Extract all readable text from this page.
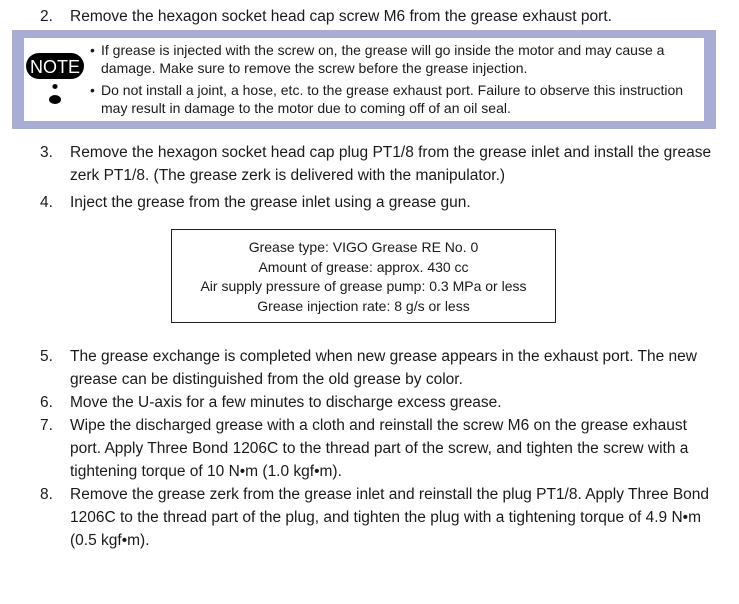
2. Remove the hexagon socket head cap screw M6 from the grease exhaust port.
NOTE
• If grease is injected with the screw on, the grease will go inside the motor and may cause a damage. Make sure to remove the screw before the grease injection.
• Do not install a joint, a hose, etc. to the grease exhaust port. Failure to observe this instruction may result in damage to the motor due to coming off of an oil seal.
3. Remove the hexagon socket head cap plug PT1/8 from the grease inlet and install the grease zerk PT1/8. (The grease zerk is delivered with the manipulator.)
4. Inject the grease from the grease inlet using a grease gun.
Grease type: VIGO Grease RE No. 0
Amount of grease: approx. 430 cc
Air supply pressure of grease pump: 0.3 MPa or less
Grease injection rate: 8 g/s or less
5. The grease exchange is completed when new grease appears in the exhaust port. The new grease can be distinguished from the old grease by color.
6. Move the U-axis for a few minutes to discharge excess grease.
7. Wipe the discharged grease with a cloth and reinstall the screw M6 on the grease exhaust port. Apply Three Bond 1206C to the thread part of the screw, and tighten the screw with a tightening torque of 10 N•m (1.0 kgf•m).
8. Remove the grease zerk from the grease inlet and reinstall the plug PT1/8. Apply Three Bond 1206C to the thread part of the plug, and tighten the plug with a tightening torque of 4.9 N•m (0.5 kgf•m).
